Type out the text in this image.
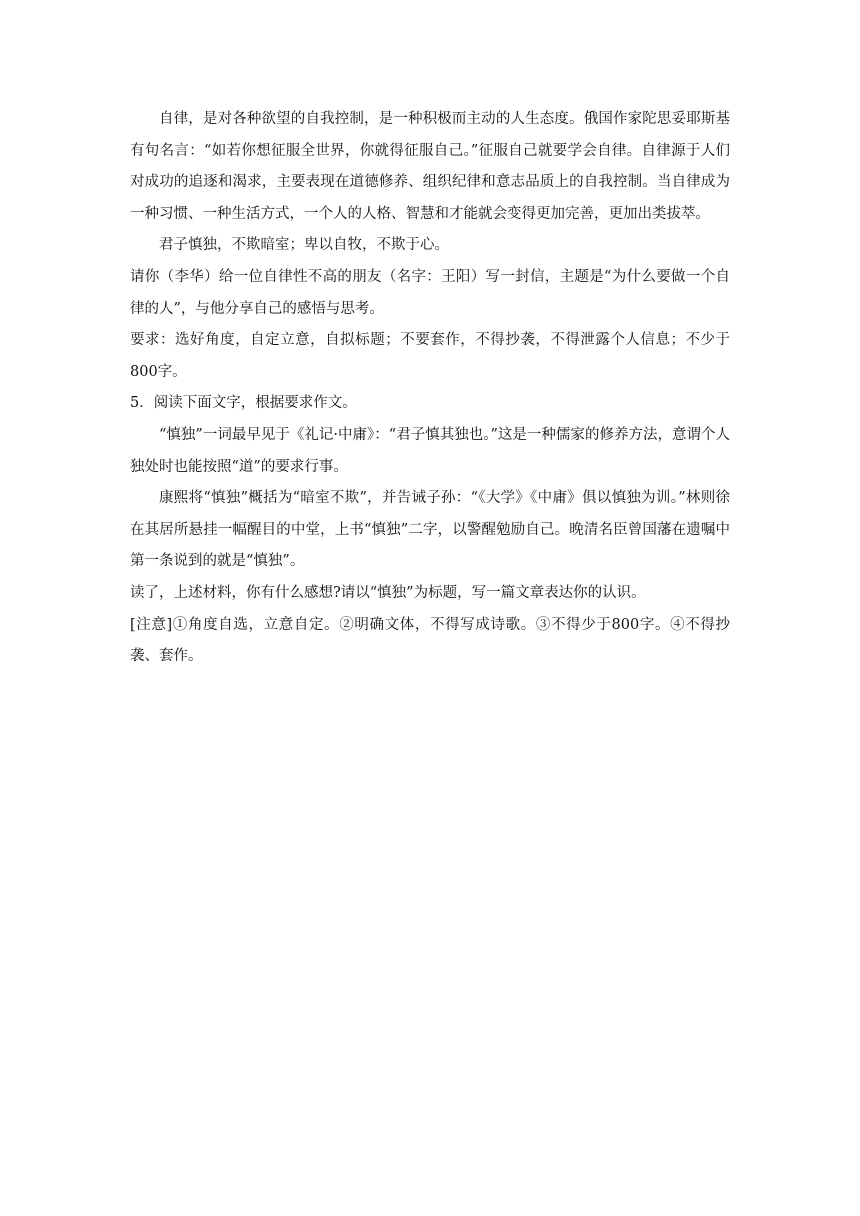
自律，是对各种欲望的自我控制，是一种积极而主动的人生态度。俄国作家陀思妥耶斯基有句名言：“如若你想征服全世界，你就得征服自己。”征服自己就要学会自律。自律源于人们对成功的追逐和渴求，主要表现在道德修养、组织纪律和意志品质上的自我控制。当自律成为一种习惯、一种生活方式，一个人的人格、智慧和才能就会变得更加完善，更加出类拔萃。

君子慎独，不欺暗室；卑以自牧，不欺于心。

请你（李华）给一位自律性不高的朋友（名字：王阳）写一封信，主题是“为什么要做一个自律的人”，与他分享自己的感悟与思考。

要求：选好角度，自定立意，自拟标题；不要套作，不得抄袭，不得泄露个人信息；不少于800字。

5．阅读下面文字，根据要求作文。

“慎独”一词最早见于《礼记·中庸》：“君子慎其独也。”这是一种儒家的修养方法，意谓个人独处时也能按照“道”的要求行事。

康熙将“慎独”概括为“暗室不欺”，并告诫子孙：“《大学》《中庸》俱以慎独为训。”林则徐在其居所悬挂一幅醒目的中堂，上书“慎独”二字，以警醒勉励自己。晚清名臣曾国藩在遗嘱中第一条说到的就是“慎独”。

读了，上述材料，你有什么感想?请以“慎独”为标题，写一篇文章表达你的认识。

[注意]①角度自选，立意自定。②明确文体，不得写成诗歌。③不得少于800字。④不得抄袭、套作。
